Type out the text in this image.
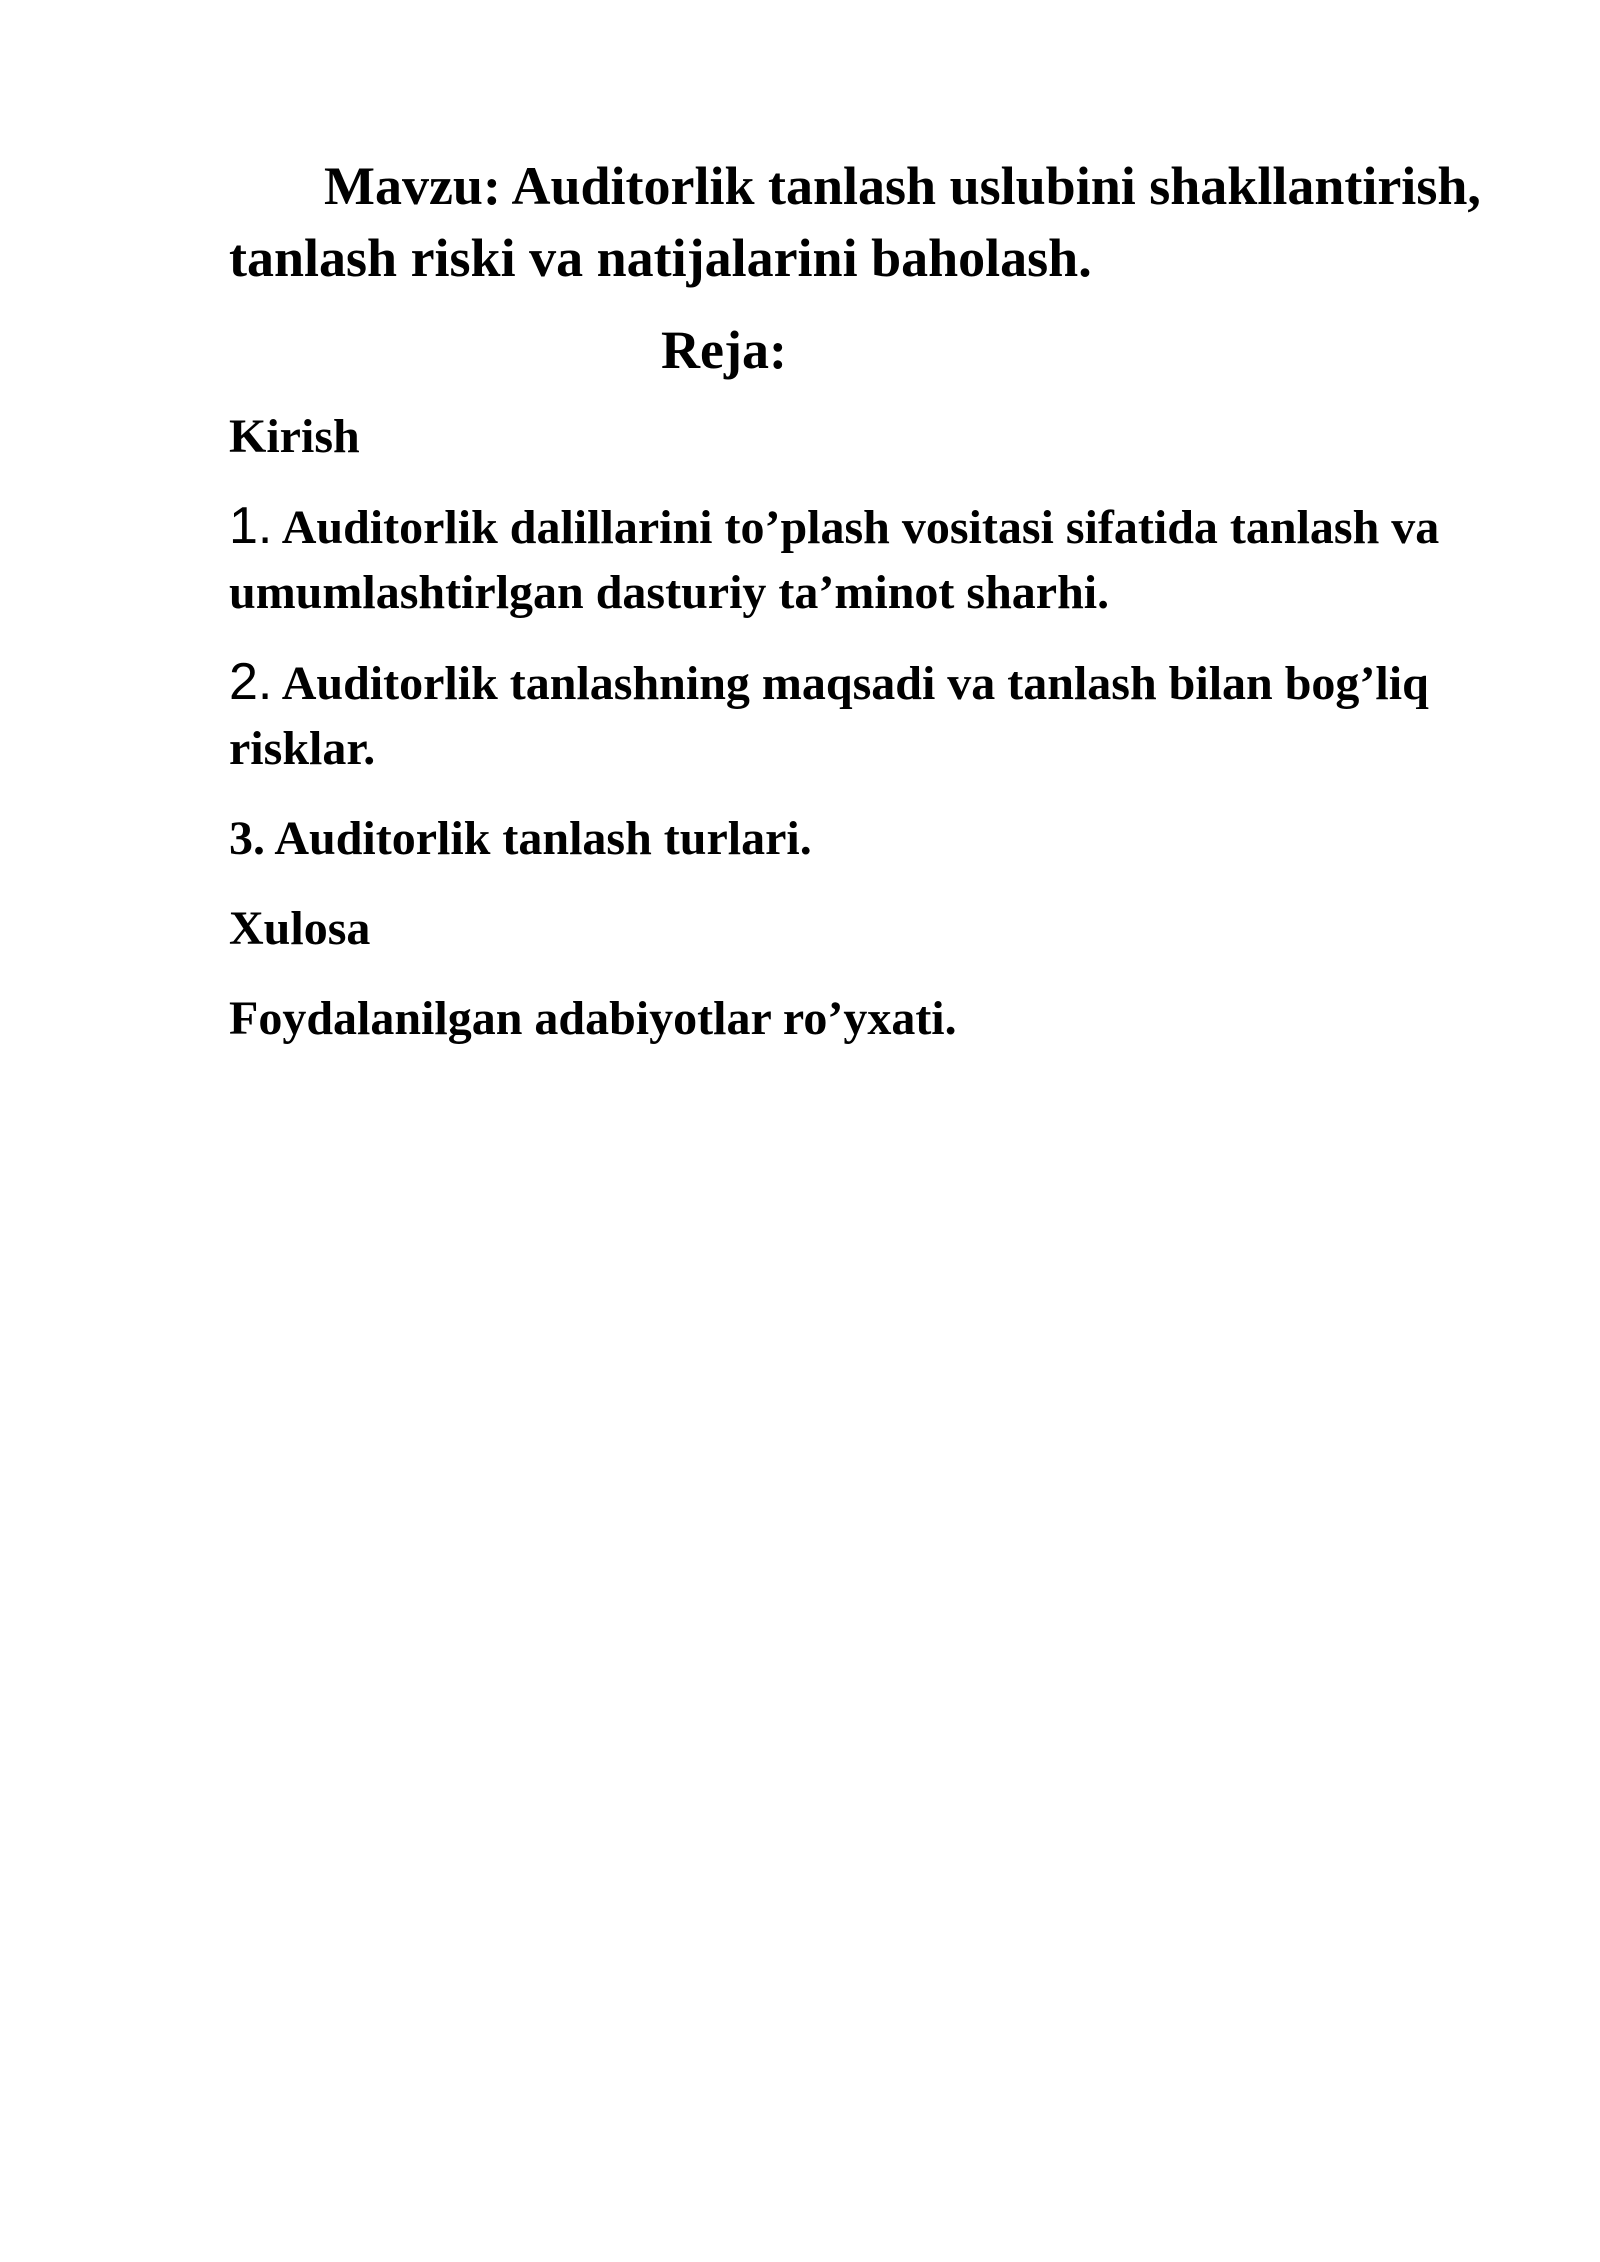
Mavzu: Auditorlik tanlash uslubini shakllantirish, tanlash riski va natijalarini baholash.

Reja:

Kirish
1. Auditorlik dalillarini to’plash vositasi sifatida tanlash va umumlashtirlgan dasturiy ta’minot sharhi.
2. Auditorlik tanlashning maqsadi va tanlash bilan bog’liq risklar.
3. Auditorlik tanlash turlari.
Xulosa
Foydalanilgan adabiyotlar ro’yxati.
